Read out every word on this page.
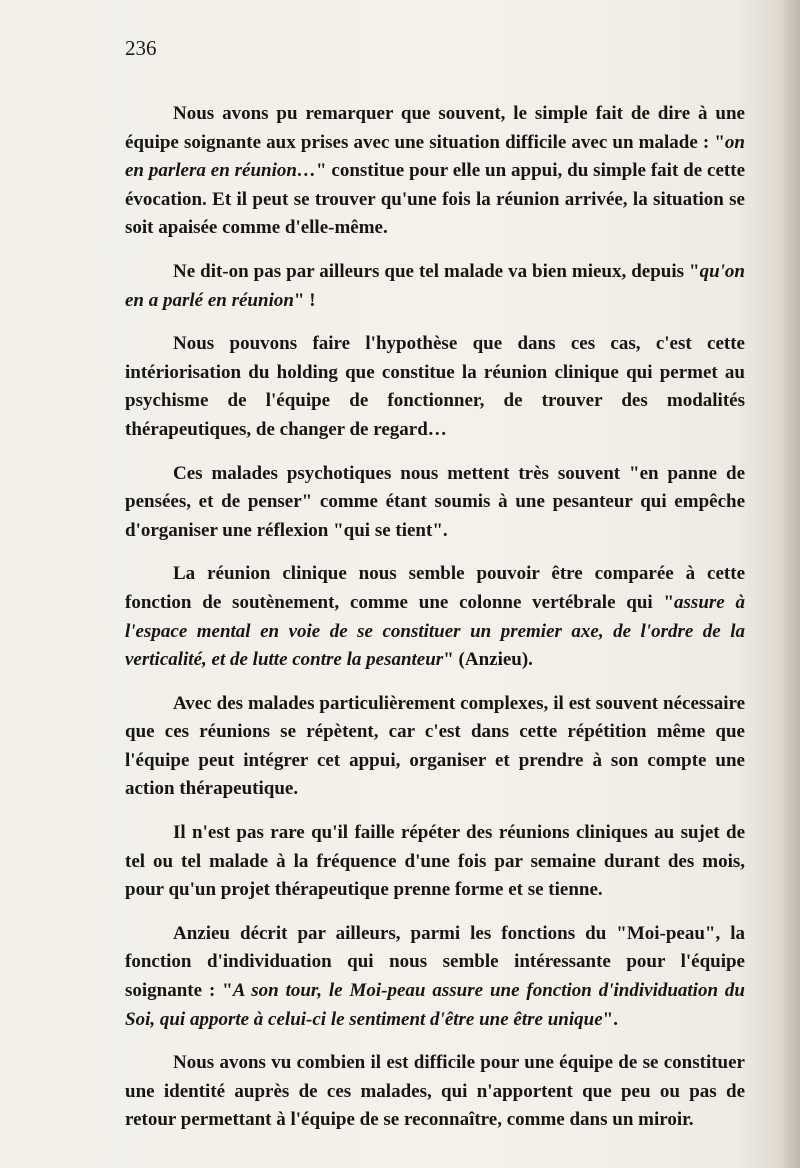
236

Nous avons pu remarquer que souvent, le simple fait de dire à une équipe soignante aux prises avec une situation difficile avec un malade : "on en parlera en réunion…" constitue pour elle un appui, du simple fait de cette évocation. Et il peut se trouver qu'une fois la réunion arrivée, la situation se soit apaisée comme d'elle-même.

Ne dit-on pas par ailleurs que tel malade va bien mieux, depuis "qu'on en a parlé en réunion" !

Nous pouvons faire l'hypothèse que dans ces cas, c'est cette intériorisation du holding que constitue la réunion clinique qui permet au psychisme de l'équipe de fonctionner, de trouver des modalités thérapeutiques, de changer de regard…

Ces malades psychotiques nous mettent très souvent "en panne de pensées, et de penser" comme étant soumis à une pesanteur qui empêche d'organiser une réflexion "qui se tient".

La réunion clinique nous semble pouvoir être comparée à cette fonction de soutènement, comme une colonne vertébrale qui "assure à l'espace mental en voie de se constituer un premier axe, de l'ordre de la verticalité, et de lutte contre la pesanteur" (Anzieu).

Avec des malades particulièrement complexes, il est souvent nécessaire que ces réunions se répètent, car c'est dans cette répétition même que l'équipe peut intégrer cet appui, organiser et prendre à son compte une action thérapeutique.

Il n'est pas rare qu'il faille répéter des réunions cliniques au sujet de tel ou tel malade à la fréquence d'une fois par semaine durant des mois, pour qu'un projet thérapeutique prenne forme et se tienne.

Anzieu décrit par ailleurs, parmi les fonctions du "Moi-peau", la fonction d'individuation qui nous semble intéressante pour l'équipe soignante : "A son tour, le Moi-peau assure une fonction d'individuation du Soi, qui apporte à celui-ci le sentiment d'être une être unique".

Nous avons vu combien il est difficile pour une équipe de se constituer une identité auprès de ces malades, qui n'apportent que peu ou pas de retour permettant à l'équipe de se reconnaître, comme dans un miroir.
